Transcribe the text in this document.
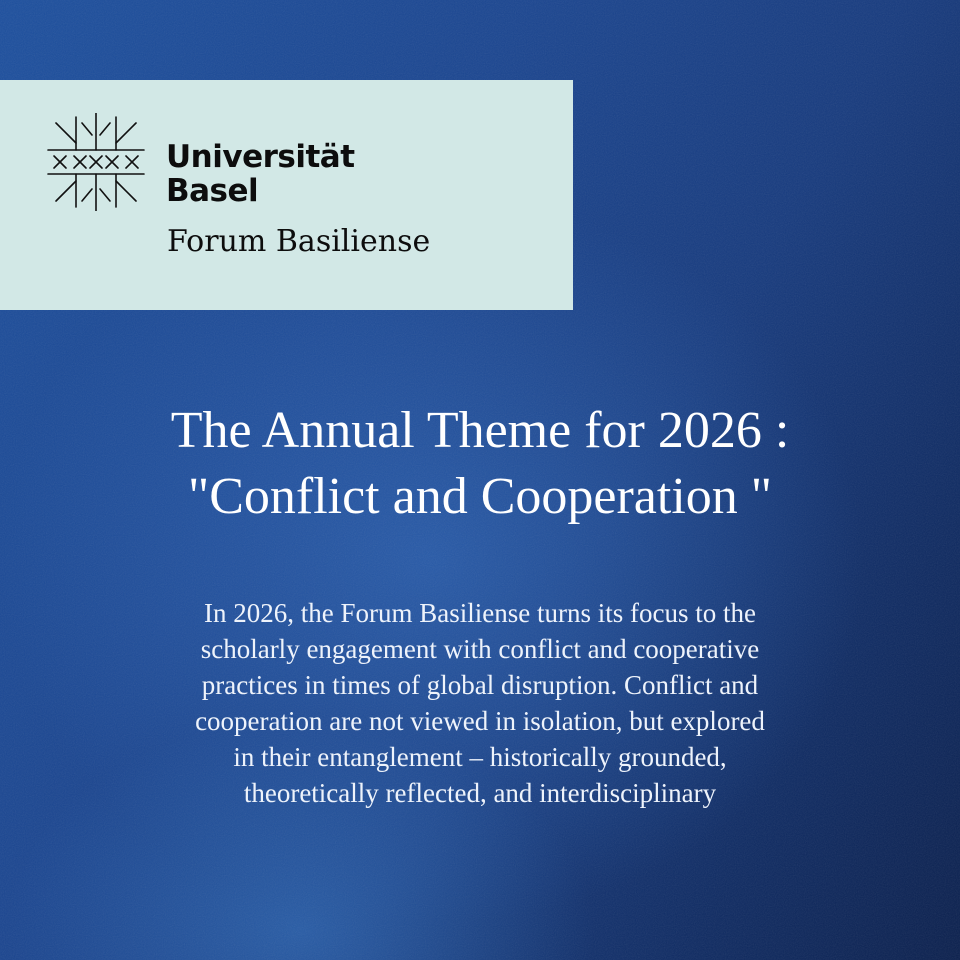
Universität
Basel
Forum Basiliense
The Annual Theme for 2026 :
"Conflict and Cooperation "
In 2026, the Forum Basiliense turns its focus to the
scholarly engagement with conflict and cooperative
practices in times of global disruption. Conflict and
cooperation are not viewed in isolation, but explored
in their entanglement – historically grounded,
theoretically reflected, and interdisciplinary
